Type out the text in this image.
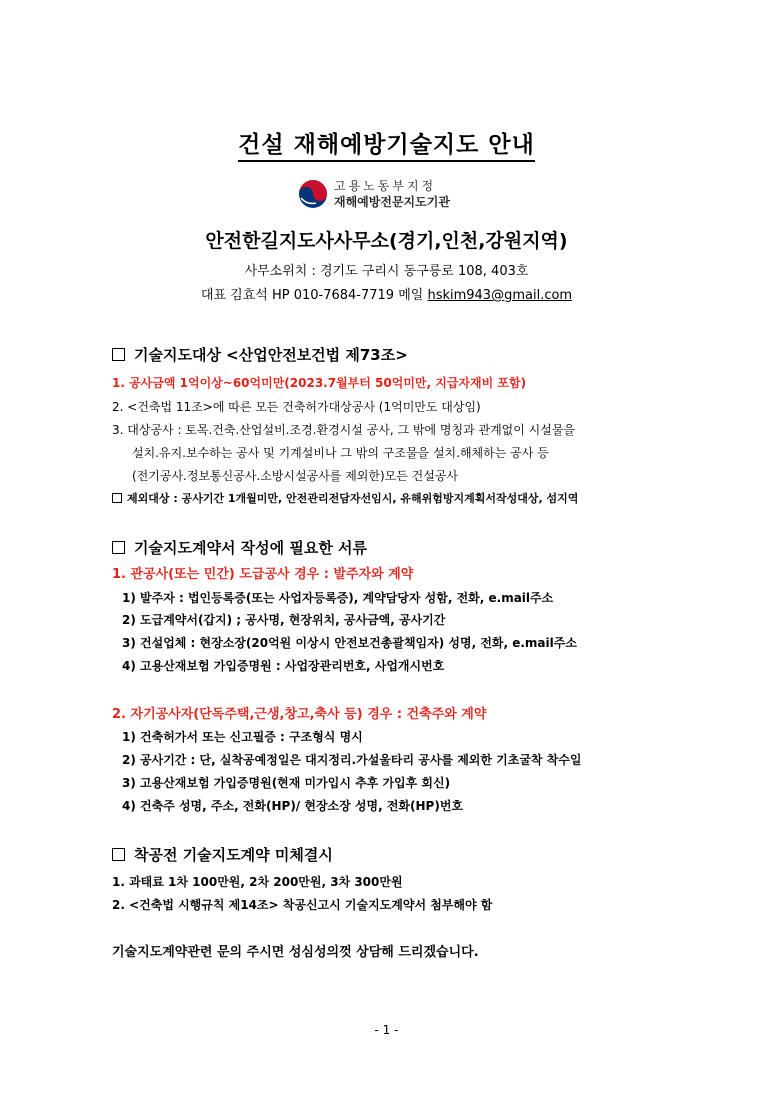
건설 재해예방기술지도 안내
고용노동부지정
재해예방전문지도기관
안전한길지도사사무소(경기,인천,강원지역)
사무소위치 : 경기도 구리시 동구릉로 108, 403호
대표 김효석 HP 010-7684-7719 메일 hskim943@gmail.com
기술지도대상 <산업안전보건법 제73조>
1. 공사금액 1억이상~60억미만(2023.7월부터 50억미만, 지급자재비 포함)
2. <건축법 11조>에 따른 모든 건축허가대상공사 (1억미만도 대상임)
3. 대상공사 : 토목.건축.산업설비.조경.환경시설 공사, 그 밖에 명칭과 관계없이 시설물을
설치.유지.보수하는 공사 및 기계설비나 그 밖의 구조물을 설치.해체하는 공사 등
(전기공사.정보통신공사.소방시설공사를 제외한)모든 건설공사
제외대상 : 공사기간 1개월미만, 안전관리전담자선임시, 유해위험방지계획서작성대상, 섬지역
기술지도계약서 작성에 필요한 서류
1. 관공사(또는 민간) 도급공사 경우 : 발주자와 계약
1) 발주자 : 법인등록증(또는 사업자등록증), 계약담당자 성함, 전화, e.mail주소
2) 도급계약서(갑지) ; 공사명, 현장위치, 공사금액, 공사기간
3) 건설업체 : 현장소장(20억원 이상시 안전보건총괄책임자) 성명, 전화, e.mail주소
4) 고용산재보험 가입증명원 : 사업장관리번호, 사업개시번호
2. 자기공사자(단독주택,근생,창고,축사 등) 경우 : 건축주와 계약
1) 건축허가서 또는 신고필증 : 구조형식 명시
2) 공사기간 : 단, 실착공예정일은 대지정리.가설울타리 공사를 제외한 기초굴착 착수일
3) 고용산재보험 가입증명원(현재 미가입시 추후 가입후 회신)
4) 건축주 성명, 주소, 전화(HP)/ 현장소장 성명, 전화(HP)번호
착공전 기술지도계약 미체결시
1. 과태료 1차 100만원, 2차 200만원, 3차 300만원
2. <건축법 시행규칙 제14조> 착공신고시 기술지도계약서 첨부해야 함
기술지도계약관련 문의 주시면 성심성의껏 상담해 드리겠습니다.
- 1 -
